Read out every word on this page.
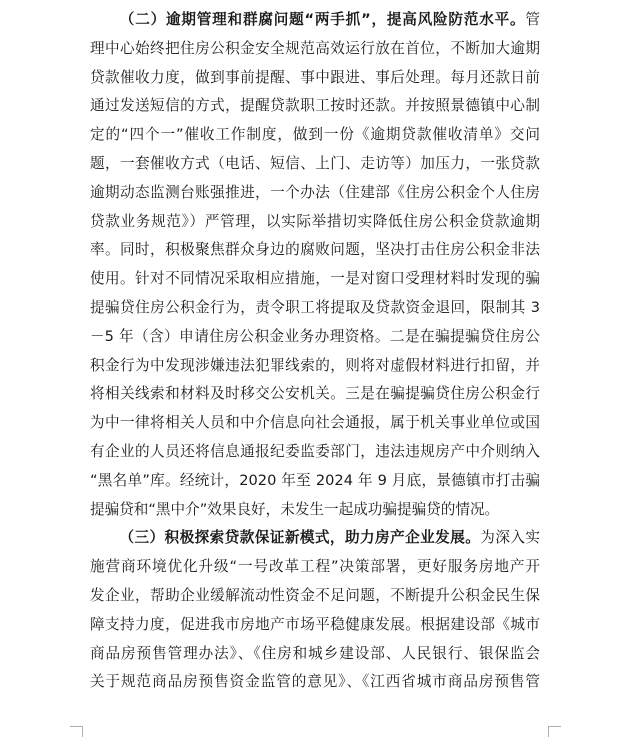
（二）逾期管理和群腐问题“两手抓”，提高风险防范水平。管
理中心始终把住房公积金安全规范高效运行放在首位，不断加大逾期
贷款催收力度，做到事前提醒、事中跟进、事后处理。每月还款日前
通过发送短信的方式，提醒贷款职工按时还款。并按照景德镇中心制
定的“四个一”催收工作制度，做到一份《逾期贷款催收清单》交问
题，一套催收方式（电话、短信、上门、走访等）加压力，一张贷款
逾期动态监测台账强推进，一个办法（住建部《住房公积金个人住房
贷款业务规范》）严管理，以实际举措切实降低住房公积金贷款逾期
率。同时，积极聚焦群众身边的腐败问题，坚决打击住房公积金非法
使用。针对不同情况采取相应措施，一是对窗口受理材料时发现的骗
提骗贷住房公积金行为，责令职工将提取及贷款资金退回，限制其 3
－5 年（含）申请住房公积金业务办理资格。二是在骗提骗贷住房公
积金行为中发现涉嫌违法犯罪线索的，则将对虚假材料进行扣留，并
将相关线索和材料及时移交公安机关。三是在骗提骗贷住房公积金行
为中一律将相关人员和中介信息向社会通报，属于机关事业单位或国
有企业的人员还将信息通报纪委监委部门，违法违规房产中介则纳入
“黑名单”库。经统计，2020 年至 2024 年 9 月底，景德镇市打击骗
提骗贷和“黑中介”效果良好，未发生一起成功骗提骗贷的情况。
（三）积极探索贷款保证新模式，助力房产企业发展。为深入实
施营商环境优化升级“一号改革工程”决策部署，更好服务房地产开
发企业，帮助企业缓解流动性资金不足问题，不断提升公积金民生保
障支持力度，促进我市房地产市场平稳健康发展。根据建设部《城市
商品房预售管理办法》、《住房和城乡建设部、人民银行、银保监会
关于规范商品房预售资金监管的意见》、《江西省城市商品房预售管
